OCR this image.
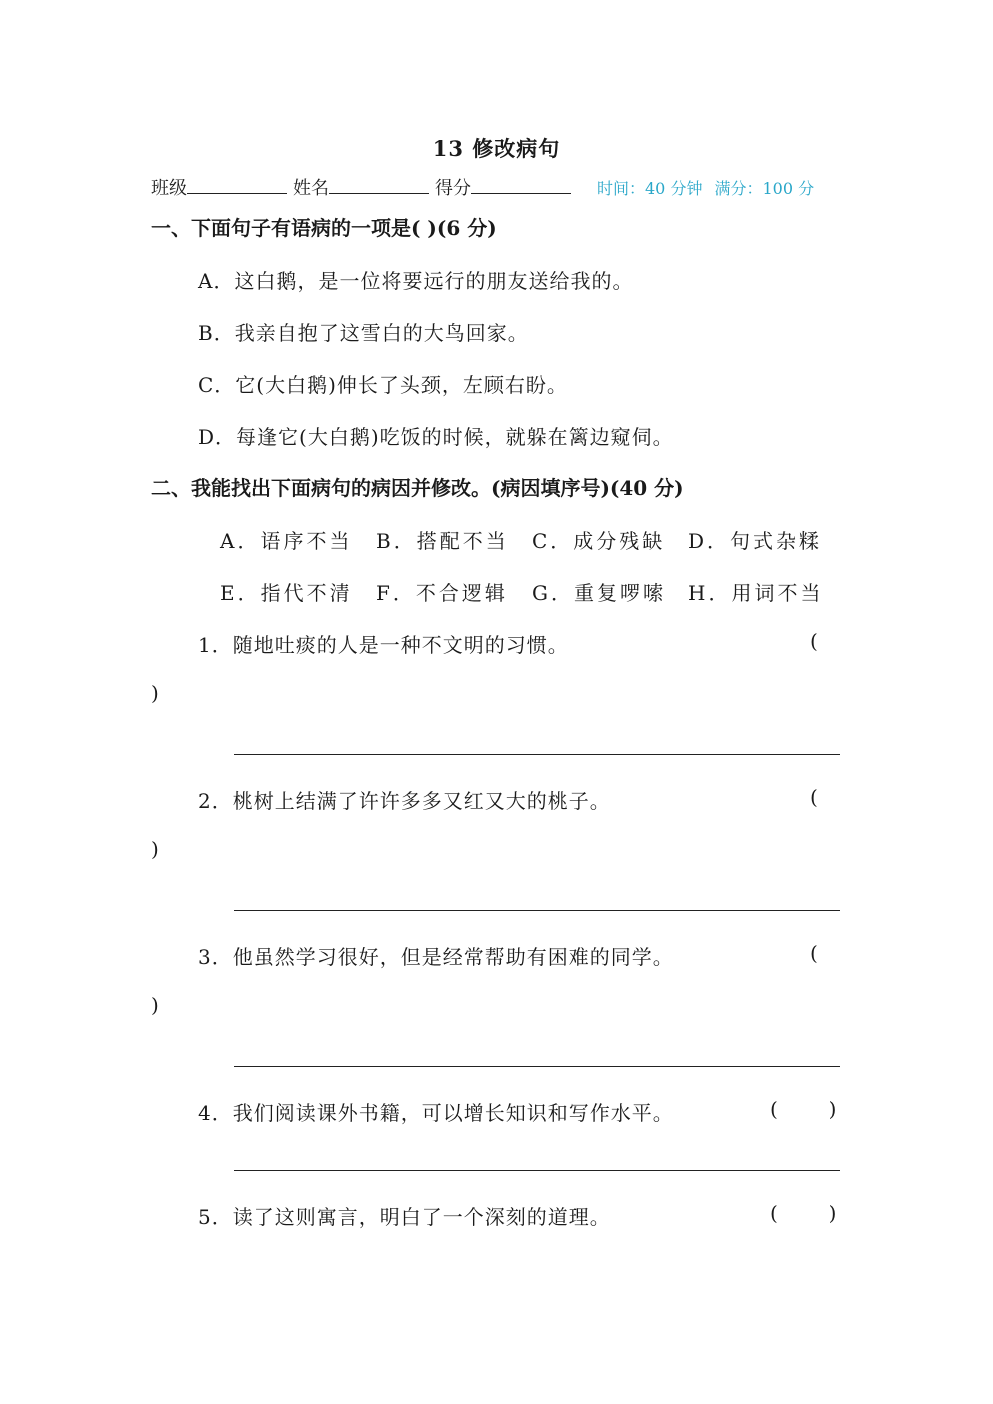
13 修改病句
班级	姓名	得分	时间：40 分钟 满分：100 分
一、下面句子有语病的一项是( )(6 分)
A．这白鹅，是一位将要远行的朋友送给我的。
B．我亲自抱了这雪白的大鸟回家。
C．它(大白鹅)伸长了头颈，左顾右盼。
D．每逢它(大白鹅)吃饭的时候，就躲在篱边窥伺。
二、我能找出下面病句的病因并修改。(病因填序号)(40 分)
A．语序不当 B．搭配不当 C．成分残缺 D．句式杂糅
E．指代不清 F．不合逻辑 G．重复啰嗦 H．用词不当
1．随地吐痰的人是一种不文明的习惯。	(
)
2．桃树上结满了许许多多又红又大的桃子。	(
)
3．他虽然学习很好，但是经常帮助有困难的同学。	(
)
4．我们阅读课外书籍，可以增长知识和写作水平。	(        )
5．读了这则寓言，明白了一个深刻的道理。	(        )
